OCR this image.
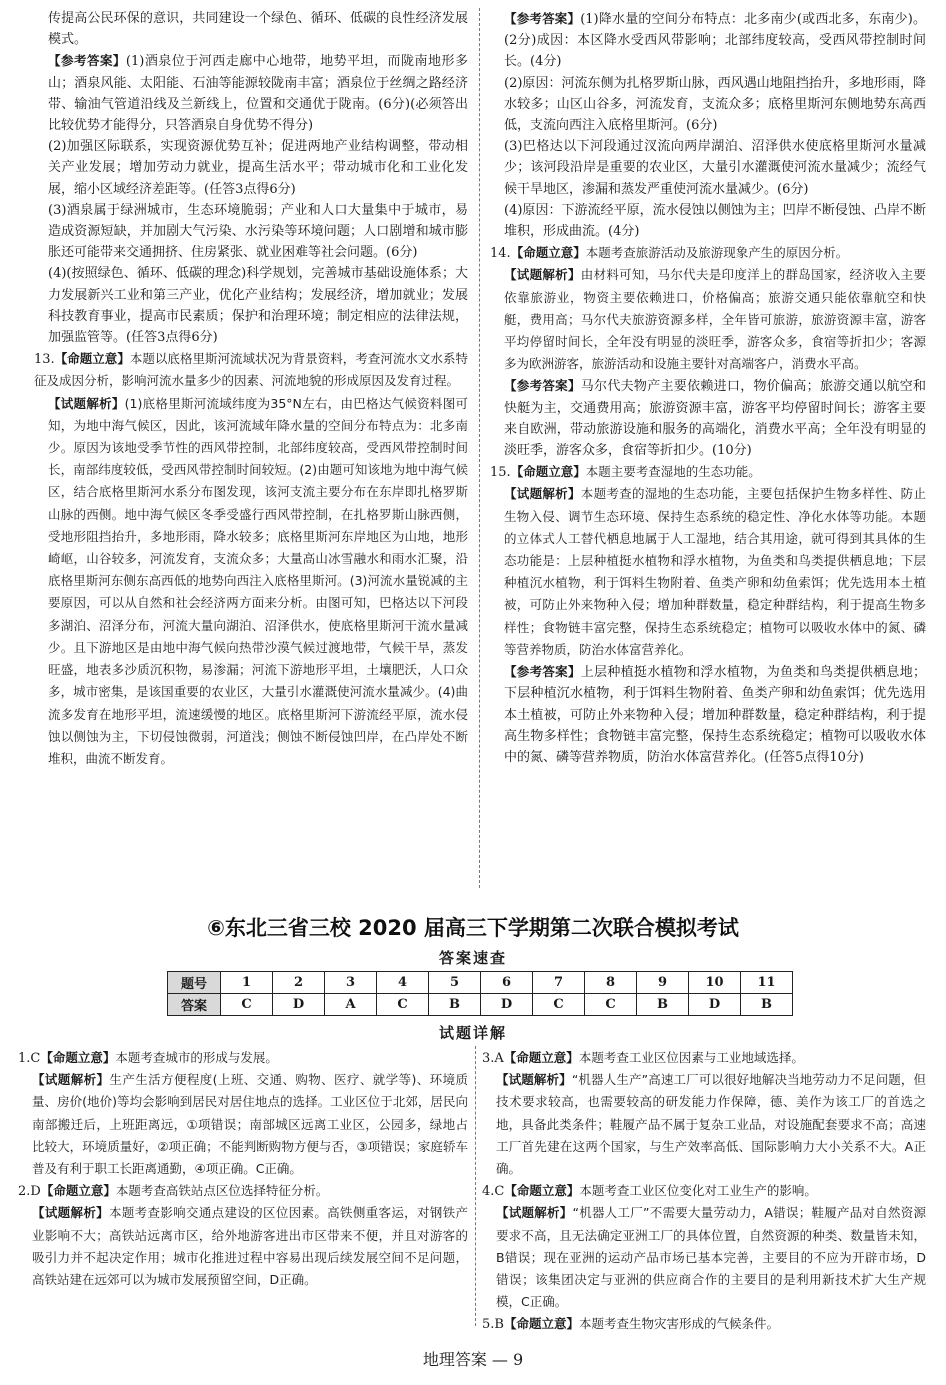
传提高公民环保的意识，共同建设一个绿色、循环、低碳的良性经济发展模式。

【参考答案】(1)酒泉位于河西走廊中心地带，地势平坦，而陇南地形多山；酒泉风能、太阳能、石油等能源较陇南丰富；酒泉位于丝绸之路经济带、输油气管道沿线及兰新线上，位置和交通优于陇南。(6分)(必须答出比较优势才能得分，只答酒泉自身优势不得分)

(2)加强区际联系，实现资源优势互补；促进两地产业结构调整，带动相关产业发展；增加劳动力就业，提高生活水平；带动城市化和工业化发展，缩小区域经济差距等。(任答3点得6分)

(3)酒泉属于绿洲城市，生态环境脆弱；产业和人口大量集中于城市，易造成资源短缺，并加剧大气污染、水污染等环境问题；人口剧增和城市膨胀还可能带来交通拥挤、住房紧张、就业困难等社会问题。(6分)

(4)(按照绿色、循环、低碳的理念)科学规划，完善城市基础设施体系；大力发展新兴工业和第三产业，优化产业结构；发展经济，增加就业；发展科技教育事业，提高市民素质；保护和治理环境；制定相应的法律法规，加强监管等。(任答3点得6分)

13.【命题立意】本题以底格里斯河流域状况为背景资料，考查河流水文水系特征及成因分析，影响河流水量多少的因素、河流地貌的形成原因及发育过程。

【试题解析】(1)底格里斯河流域纬度为35°N左右，由巴格达气候资料图可知，为地中海气候区，因此，该河流域年降水量的空间分布特点为：北多南少。原因为该地受季节性的西风带控制，北部纬度较高，受西风带控制时间长，南部纬度较低，受西风带控制时间较短。(2)由题可知该地为地中海气候区，结合底格里斯河水系分布图发现，该河支流主要分布在东岸即扎格罗斯山脉的西侧。地中海气候区冬季受盛行西风带控制，在扎格罗斯山脉西侧，受地形阻挡抬升，多地形雨，降水较多；底格里斯河东岸地区为山地，地形崎岖，山谷较多，河流发育，支流众多；大量高山冰雪融水和雨水汇聚，沿底格里斯河东侧东高西低的地势向西注入底格里斯河。(3)河流水量锐减的主要原因，可以从自然和社会经济两方面来分析。由图可知，巴格达以下河段多湖泊、沼泽分布，河流大量向湖泊、沼泽供水，使底格里斯河干流水量减少。且下游地区是由地中海气候向热带沙漠气候过渡地带，气候干旱，蒸发旺盛，地表多沙质沉积物，易渗漏；河流下游地形平坦，土壤肥沃，人口众多，城市密集，是该国重要的农业区，大量引水灌溉使河流水量减少。(4)曲流多发育在地形平坦，流速缓慢的地区。底格里斯河下游流经平原，流水侵蚀以侧蚀为主，下切侵蚀微弱，河道浅；侧蚀不断侵蚀凹岸，在凸岸处不断堆积，曲流不断发育。

【参考答案】(1)降水量的空间分布特点：北多南少(或西北多，东南少)。(2分)成因：本区降水受西风带影响；北部纬度较高，受西风带控制时间长。(4分)

(2)原因：河流东侧为扎格罗斯山脉，西风遇山地阻挡抬升，多地形雨，降水较多；山区山谷多，河流发育，支流众多；底格里斯河东侧地势东高西低，支流向西注入底格里斯河。(6分)

(3)巴格达以下河段通过汊流向两岸湖泊、沼泽供水使底格里斯河水量减少；该河段沿岸是重要的农业区，大量引水灌溉使河流水量减少；流经气候干旱地区，渗漏和蒸发严重使河流水量减少。(6分)

(4)原因：下游流经平原，流水侵蚀以侧蚀为主；凹岸不断侵蚀、凸岸不断堆积，形成曲流。(4分)

14.【命题立意】本题考查旅游活动及旅游现象产生的原因分析。

【试题解析】由材料可知，马尔代夫是印度洋上的群岛国家，经济收入主要依靠旅游业，物资主要依赖进口，价格偏高；旅游交通只能依靠航空和快艇，费用高；马尔代夫旅游资源多样，全年皆可旅游，旅游资源丰富，游客平均停留时间长，全年没有明显的淡旺季，游客众多，食宿等折扣少；客源多为欧洲游客，旅游活动和设施主要针对高端客户，消费水平高。

【参考答案】马尔代夫物产主要依赖进口，物价偏高；旅游交通以航空和快艇为主，交通费用高；旅游资源丰富，游客平均停留时间长；游客主要来自欧洲，带动旅游设施和服务的高端化，消费水平高；全年没有明显的淡旺季，游客众多，食宿等折扣少。(10分)

15.【命题立意】本题主要考查湿地的生态功能。

【试题解析】本题考查的湿地的生态功能，主要包括保护生物多样性、防止生物入侵、调节生态环境、保持生态系统的稳定性、净化水体等功能。本题的立体式人工替代栖息地属于人工湿地，结合其用途，就可得到其具体的生态功能是：上层种植挺水植物和浮水植物，为鱼类和鸟类提供栖息地；下层种植沉水植物，利于饵料生物附着、鱼类产卵和幼鱼索饵；优先选用本土植被，可防止外来物种入侵；增加种群数量，稳定种群结构，利于提高生物多样性；食物链丰富完整，保持生态系统稳定；植物可以吸收水体中的氮、磷等营养物质，防治水体富营养化。

【参考答案】上层种植挺水植物和浮水植物，为鱼类和鸟类提供栖息地；下层种植沉水植物，利于饵料生物附着、鱼类产卵和幼鱼索饵；优先选用本土植被，可防止外来物种入侵；增加种群数量，稳定种群结构，利于提高生物多样性；食物链丰富完整，保持生态系统稳定；植物可以吸收水体中的氮、磷等营养物质，防治水体富营养化。(任答5点得10分)

⑥东北三省三校 2020 届高三下学期第二次联合模拟考试
答案速查
题号	1	2	3	4	5	6	7	8	9	10	11
答案	C	D	A	C	B	D	C	C	B	D	B
试题详解

1.C【命题立意】本题考查城市的形成与发展。

【试题解析】生产生活方便程度(上班、交通、购物、医疗、就学等)、环境质量、房价(地价)等均会影响到居民对居住地点的选择。工业区位于北郊，居民向南部搬迁后，上班距离远，①项错误；南部城区远离工业区，公园多，绿地占比较大，环境质量好，②项正确；不能判断购物方便与否，③项错误；家庭轿车普及有利于职工长距离通勤，④项正确。C正确。

2.D【命题立意】本题考查高铁站点区位选择特征分析。

【试题解析】本题考查影响交通点建设的区位因素。高铁侧重客运，对钢铁产业影响不大；高铁站远离市区，给外地游客进出市区带来不便，并且对游客的吸引力并不起决定作用；城市化推进过程中容易出现后续发展空间不足问题，高铁站建在远郊可以为城市发展预留空间，D正确。

3.A【命题立意】本题考查工业区位因素与工业地域选择。

【试题解析】“机器人生产”高速工厂可以很好地解决当地劳动力不足问题，但技术要求较高，也需要较高的研发能力作保障，德、美作为该工厂的首选之地，具备此类条件；鞋履产品不属于复杂工业品，对设施配套要求不高；高速工厂首先建在这两个国家，与生产效率高低、国际影响力大小关系不大。A正确。

4.C【命题立意】本题考查工业区位变化对工业生产的影响。

【试题解析】“机器人工厂”不需要大量劳动力，A错误；鞋履产品对自然资源要求不高，且无法确定亚洲工厂的具体位置，自然资源的种类、数量皆未知，B错误；现在亚洲的运动产品市场已基本完善，主要目的不应为开辟市场，D错误；该集团决定与亚洲的供应商合作的主要目的是利用新技术扩大生产规模，C正确。

5.B【命题立意】本题考查生物灾害形成的气候条件。

地理答案 — 9
